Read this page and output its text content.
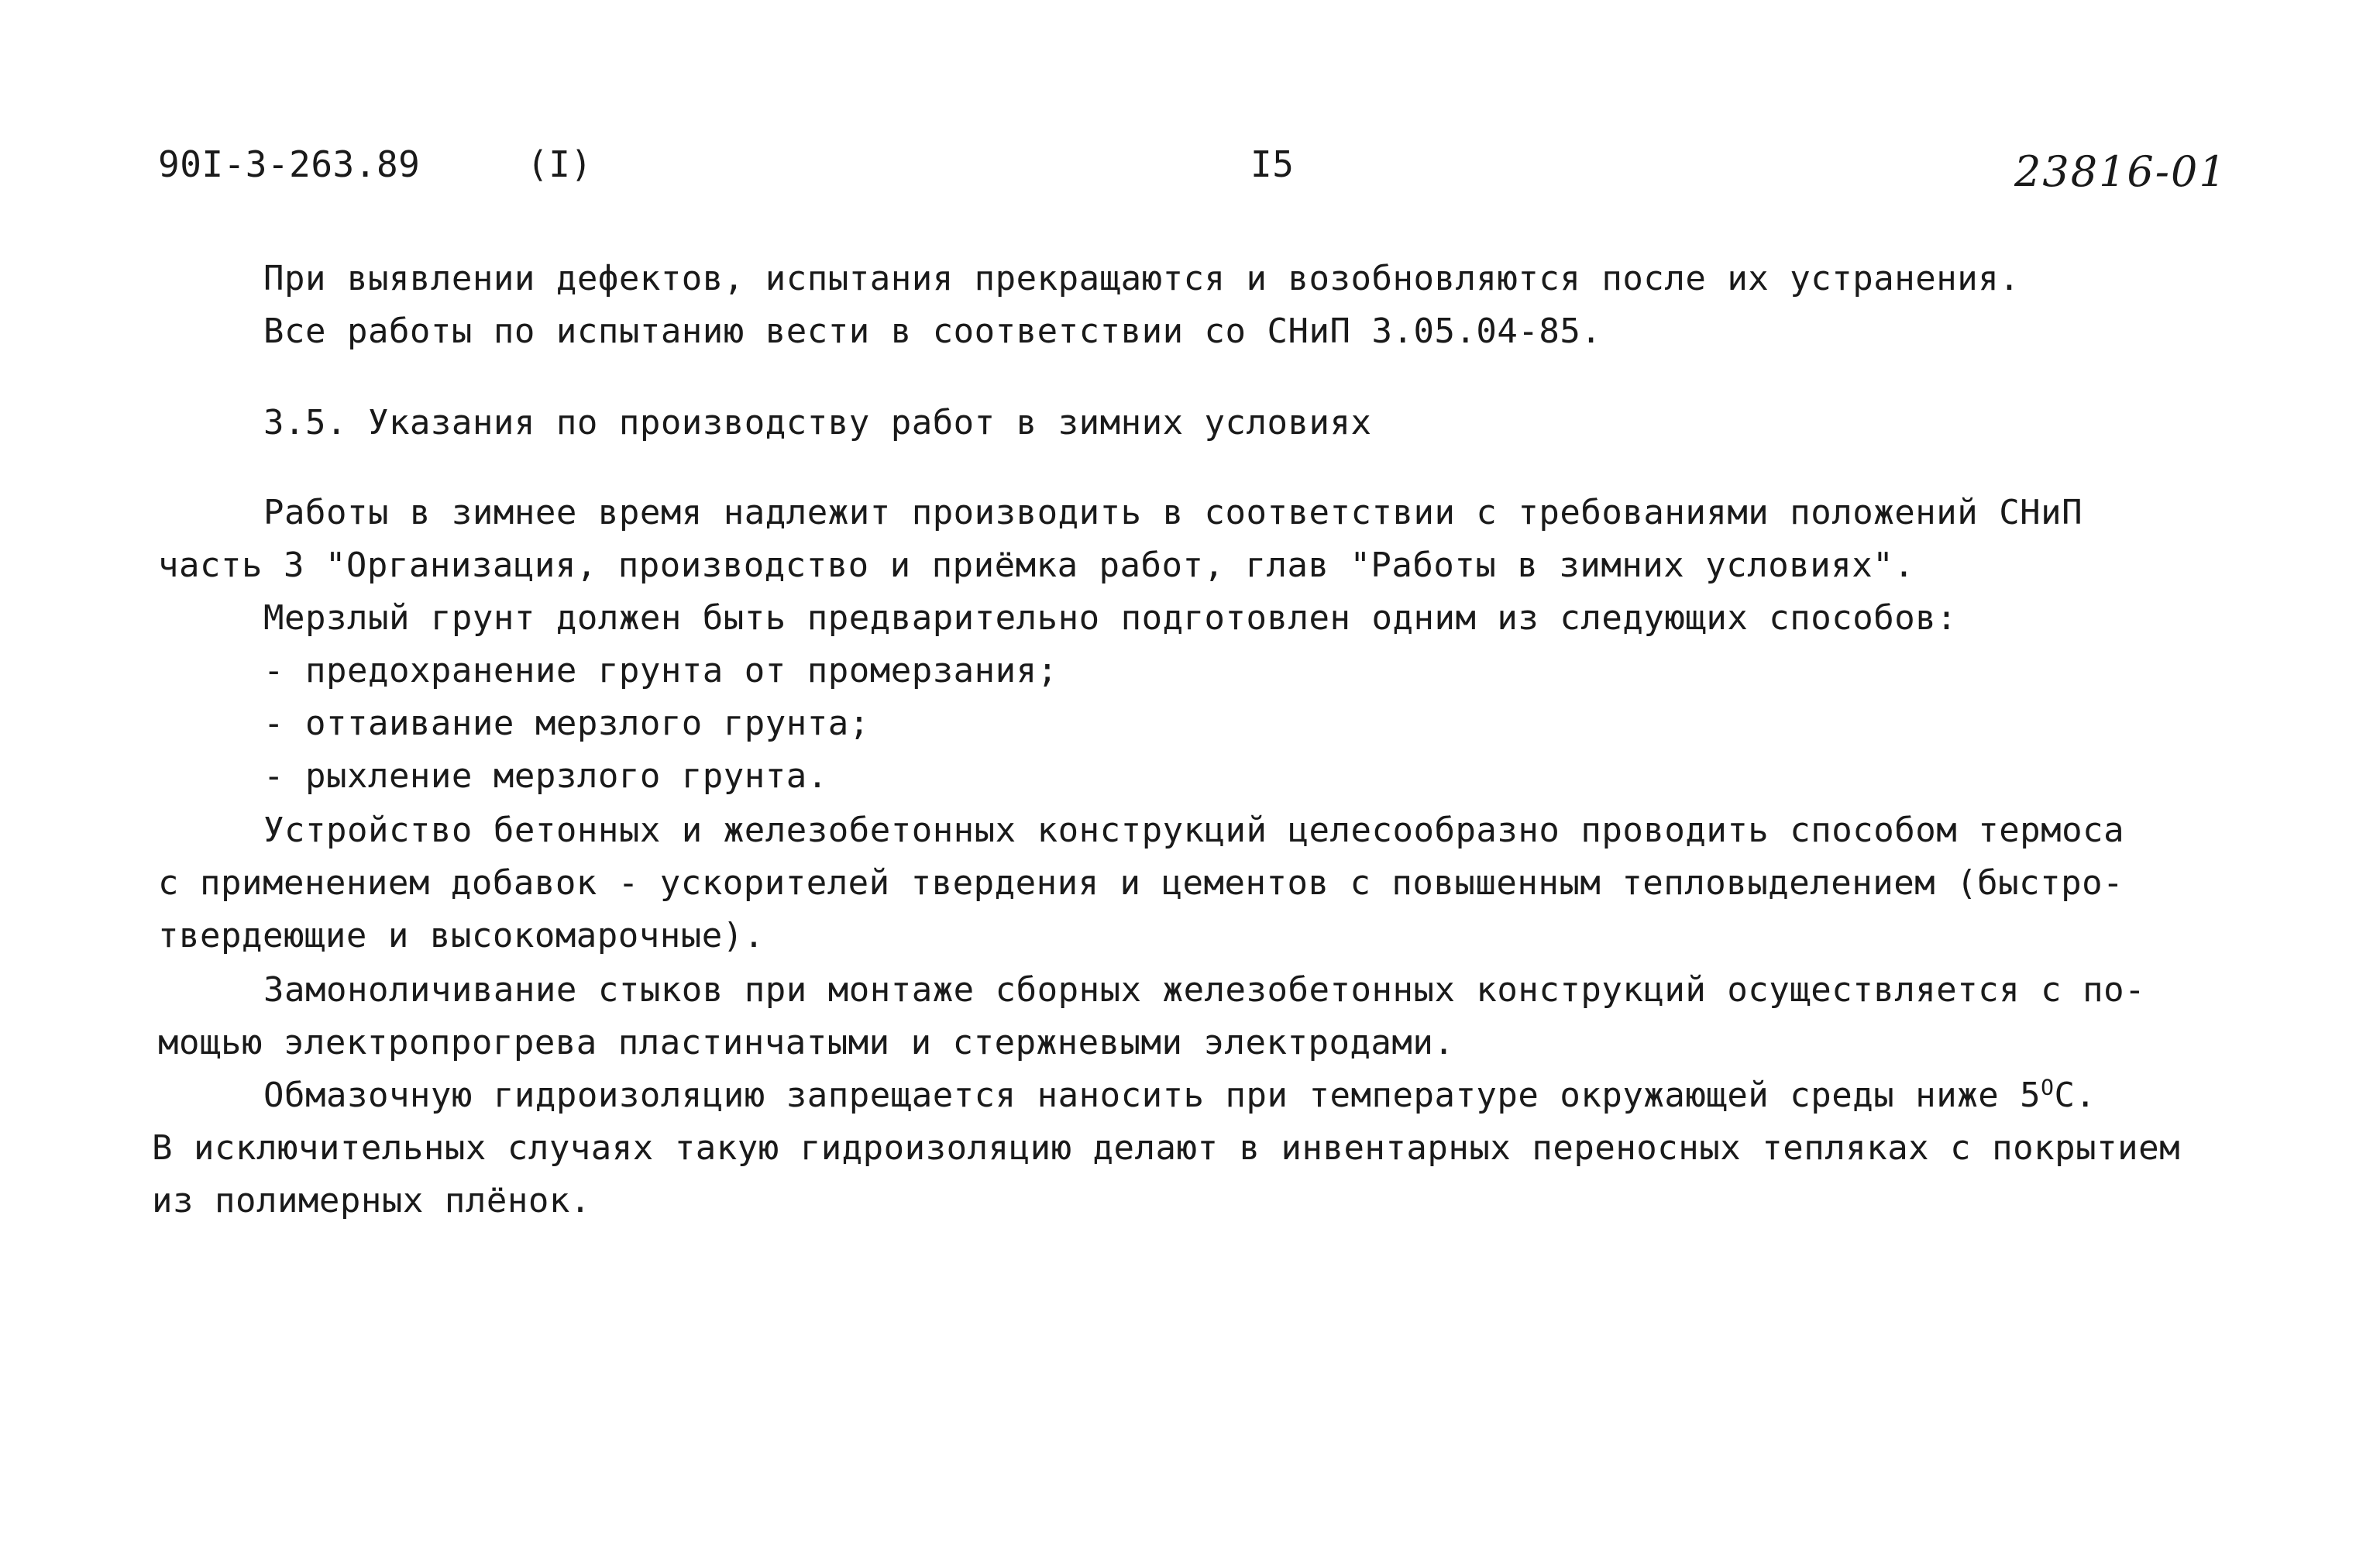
90I-3-263.89	(I)	I5	23816-01
При выявлении дефектов, испытания прекращаются и возобновляются после их устранения.
Все работы по испытанию вести в соответствии со СНиП 3.05.04-85.
3.5. Указания по производству работ в зимних условиях
Работы в зимнее время надлежит производить в соответствии с требованиями положений СНиП
часть 3 "Организация, производство и приёмка работ, глав "Работы в зимних условиях".
Мерзлый грунт должен быть предварительно подготовлен одним из следующих способов:
- предохранение грунта от промерзания;
- оттаивание мерзлого грунта;
- рыхление мерзлого грунта.
Устройство бетонных и железобетонных конструкций целесообразно проводить способом термоса
с применением добавок - ускорителей твердения и цементов с повышенным тепловыделением (быстро-
твердеющие и высокомарочные).
Замоноличивание стыков при монтаже сборных железобетонных конструкций осуществляется с по-
мощью электропрогрева пластинчатыми и стержневыми электродами.
Обмазочную гидроизоляцию запрещается наносить при температуре окружающей среды ниже $5^ОС$.
В исключительных случаях такую гидроизоляцию делают в инвентарных переносных тепляках с покрытием
из полимерных плёнок.
